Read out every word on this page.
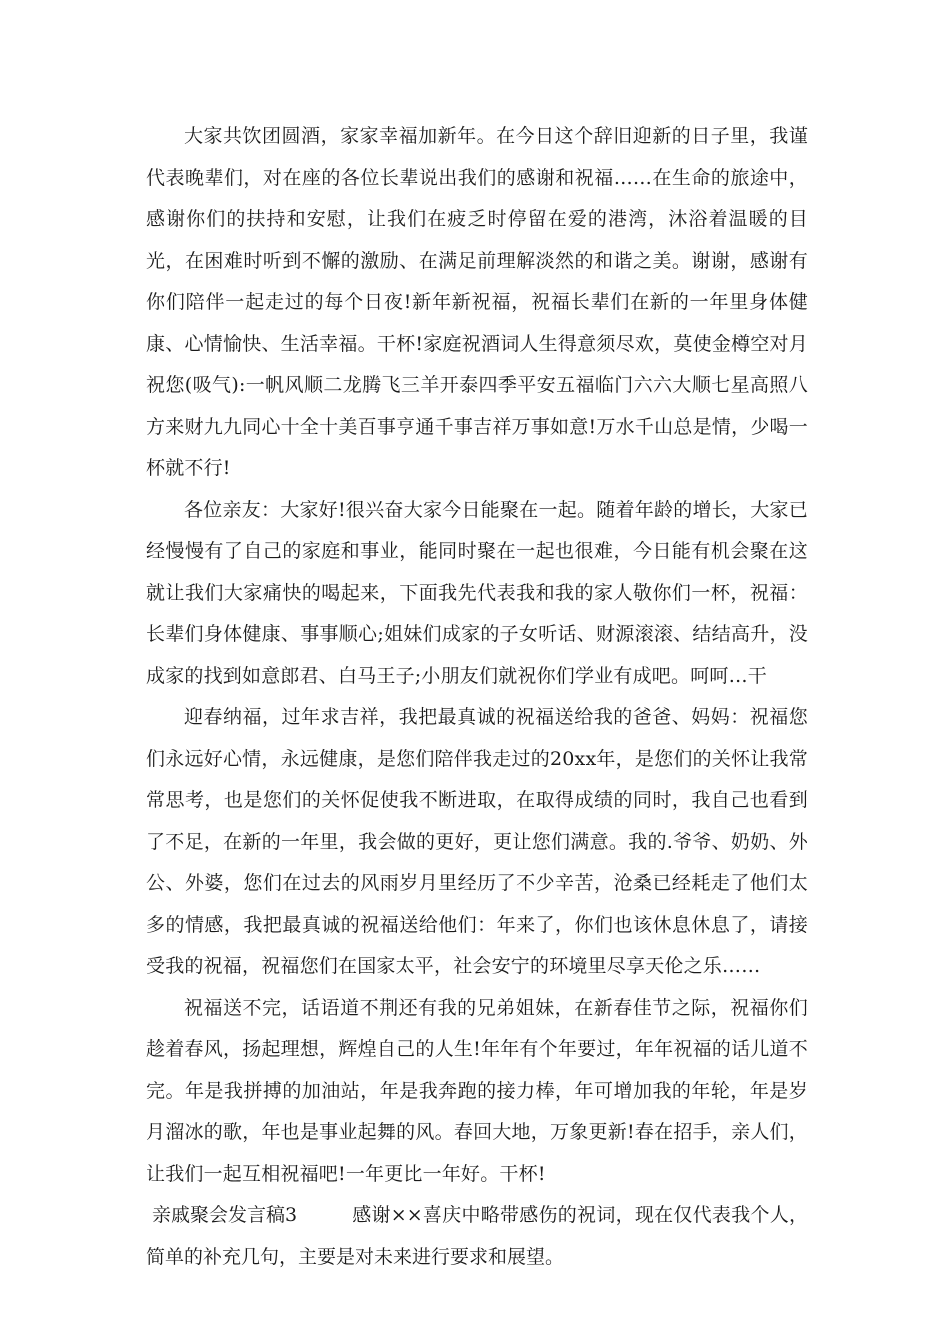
大家共饮团圆酒，家家幸福加新年。在今日这个辞旧迎新的日子里，我谨代表晚辈们，对在座的各位长辈说出我们的感谢和祝福……在生命的旅途中，感谢你们的扶持和安慰，让我们在疲乏时停留在爱的港湾，沐浴着温暖的目光，在困难时听到不懈的激励、在满足前理解淡然的和谐之美。谢谢，感谢有你们陪伴一起走过的每个日夜!新年新祝福，祝福长辈们在新的一年里身体健康、心情愉快、生活幸福。干杯!家庭祝酒词人生得意须尽欢，莫使金樽空对月祝您(吸气):一帆风顺二龙腾飞三羊开泰四季平安五福临门六六大顺七星高照八方来财九九同心十全十美百事亨通千事吉祥万事如意!万水千山总是情，少喝一杯就不行!

各位亲友：大家好!很兴奋大家今日能聚在一起。随着年龄的增长，大家已经慢慢有了自己的家庭和事业，能同时聚在一起也很难，今日能有机会聚在这就让我们大家痛快的喝起来，下面我先代表我和我的家人敬你们一杯，祝福：长辈们身体健康、事事顺心;姐妹们成家的子女听话、财源滚滚、结结高升，没成家的找到如意郎君、白马王子;小朋友们就祝你们学业有成吧。呵呵…干

迎春纳福，过年求吉祥，我把最真诚的祝福送给我的爸爸、妈妈：祝福您们永远好心情，永远健康，是您们陪伴我走过的20xx年，是您们的关怀让我常常思考，也是您们的关怀促使我不断进取，在取得成绩的同时，我自己也看到了不足，在新的一年里，我会做的更好，更让您们满意。我的.爷爷、奶奶、外公、外婆，您们在过去的风雨岁月里经历了不少辛苦，沧桑已经耗走了他们太多的情感，我把最真诚的祝福送给他们：年来了，你们也该休息休息了，请接受我的祝福，祝福您们在国家太平，社会安宁的环境里尽享天伦之乐……

祝福送不完，话语道不荆还有我的兄弟姐妹，在新春佳节之际，祝福你们趁着春风，扬起理想，辉煌自己的人生!年年有个年要过，年年祝福的话儿道不完。年是我拼搏的加油站，年是我奔跑的接力棒，年可增加我的年轮，年是岁月溜冰的歌，年也是事业起舞的风。春回大地，万象更新!春在招手，亲人们，让我们一起互相祝福吧!一年更比一年好。干杯!

亲戚聚会发言稿3	感谢××喜庆中略带感伤的祝词，现在仅代表我个人，简单的补充几句，主要是对未来进行要求和展望。
